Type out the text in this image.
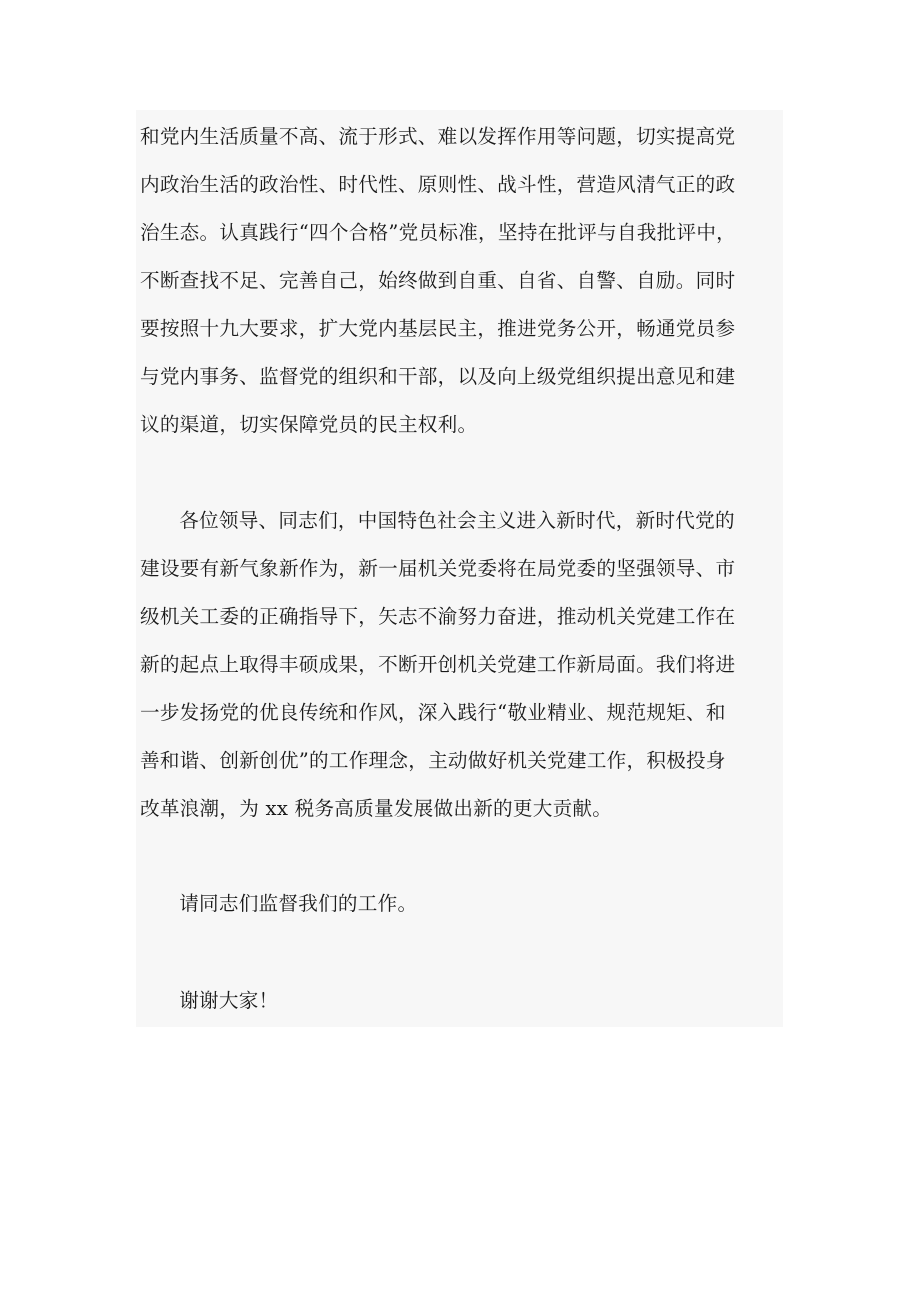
和党内生活质量不高、流于形式、难以发挥作用等问题，切实提高党
内政治生活的政治性、时代性、原则性、战斗性，营造风清气正的政
治生态。认真践行“四个合格”党员标准，坚持在批评与自我批评中，
不断查找不足、完善自己，始终做到自重、自省、自警、自励。同时
要按照十九大要求，扩大党内基层民主，推进党务公开，畅通党员参
与党内事务、监督党的组织和干部，以及向上级党组织提出意见和建
议的渠道，切实保障党员的民主权利。

各位领导、同志们，中国特色社会主义进入新时代，新时代党的
建设要有新气象新作为，新一届机关党委将在局党委的坚强领导、市
级机关工委的正确指导下，矢志不渝努力奋进，推动机关党建工作在
新的起点上取得丰硕成果，不断开创机关党建工作新局面。我们将进
一步发扬党的优良传统和作风，深入践行“敬业精业、规范规矩、和
善和谐、创新创优”的工作理念，主动做好机关党建工作，积极投身
改革浪潮，为 xx 税务高质量发展做出新的更大贡献。

请同志们监督我们的工作。

谢谢大家！
